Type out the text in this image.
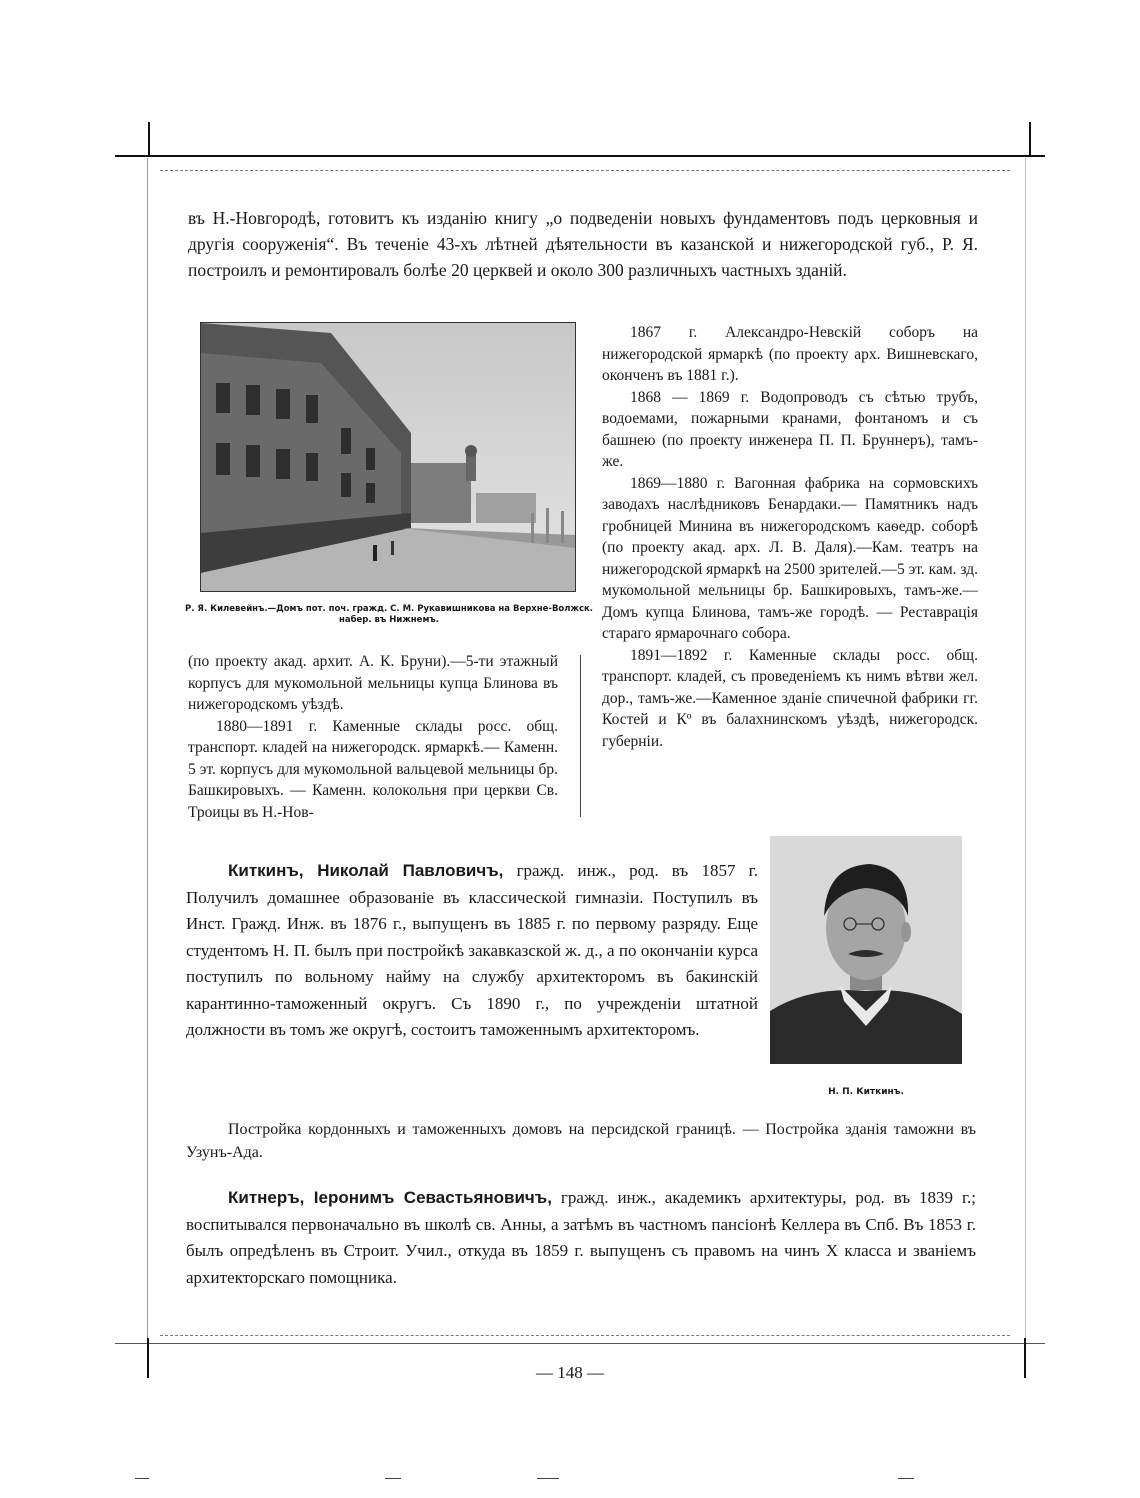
въ Н.-Новгородѣ, готовитъ къ изданію книгу „о подведеніи новыхъ фундаментовъ подъ церковныя и другія сооруженія“. Въ теченіе 43-хъ лѣтней дѣятельности въ казанской и нижегородской губ., Р. Я. построилъ и ремонтировалъ болѣе 20 церквей и около 300 различныхъ частныхъ зданій.

Р. Я. Килевейнъ.—Домъ пот. поч. гражд. С. М. Рукавишникова на Верхне-Волжск. набер. въ Нижнемъ.

(по проекту акад. архит. А. К. Бруни).—5-ти этажный корпусъ для мукомольной мельницы купца Блинова въ нижегородскомъ уѣздѣ.

1880—1891 г. Каменные склады росс. общ. транспорт. кладей на нижегородск. ярмаркѣ.— Каменн. 5 эт. корпусъ для мукомольной вальцевой мельницы бр. Башкировыхъ. — Каменн. колокольня при церкви Св. Троицы въ Н.-Нов-

1867 г. Александро-Невскій соборъ на нижегородской ярмаркѣ (по проекту арх. Вишневскаго, оконченъ въ 1881 г.).

1868 — 1869 г. Водопроводъ съ сѣтью трубъ, водоемами, пожарными кранами, фонтаномъ и съ башнею (по проекту инженера П. П. Бруннеръ), тамъ-же.

1869—1880 г. Вагонная фабрика на сормовскихъ заводахъ наслѣдниковъ Бенардаки.— Памятникъ надъ гробницей Минина въ нижегородскомъ каѳедр. соборѣ (по проекту акад. арх. Л. В. Даля).—Кам. театръ на нижегородской ярмаркѣ на 2500 зрителей.—5 эт. кам. зд. мукомольной мельницы бр. Башкировыхъ, тамъ-же.—Домъ купца Блинова, тамъ-же городѣ. — Реставрація стараго ярмарочнаго собора.

1891—1892 г. Каменные склады росс. общ. транспорт. кладей, съ проведеніемъ къ нимъ вѣтви жел. дор., тамъ-же.—Каменное зданіе спичечной фабрики гг. Костей и Кº въ балахнинскомъ уѣздѣ, нижегородск. губерніи.

Киткинъ, Николай Павловичъ, гражд. инж., род. въ 1857 г. Получилъ домашнее образованіе въ классической гимназіи. Поступилъ въ Инст. Гражд. Инж. въ 1876 г., выпущенъ въ 1885 г. по первому разряду. Еще студентомъ Н. П. былъ при постройкѣ закавказской ж. д., а по окончаніи курса поступилъ по вольному найму на службу архитекторомъ въ бакинскій карантинно-таможенный округъ. Съ 1890 г., по учрежденіи штатной должности въ томъ же округѣ, состоитъ таможеннымъ архитекторомъ.

Н. П. Киткинъ.

Постройка кордонныхъ и таможенныхъ домовъ на персидской границѣ. — Постройка зданія таможни въ Узунъ-Ада.

Китнеръ, Іеронимъ Севастьяновичъ, гражд. инж., академикъ архитектуры, род. въ 1839 г.; воспитывался первоначально въ школѣ св. Анны, а затѣмъ въ частномъ пансіонѣ Келлера въ Спб. Въ 1853 г. былъ опредѣленъ въ Строит. Учил., откуда въ 1859 г. выпущенъ съ правомъ на чинъ X класса и званіемъ архитекторскаго помощника.

— 148 —
